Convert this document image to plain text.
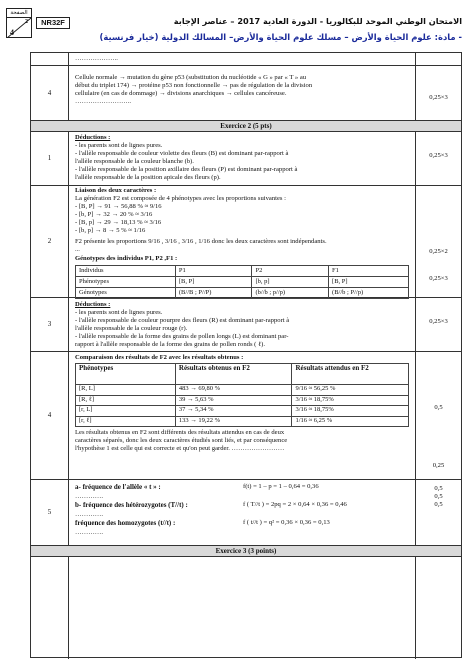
الصفحة
2
4
NR32F	الامتحان الوطني الموحد للبكالوريا - الدورة العادية 2017 – عناصر الإجابة
- مادة: علوم الحياة والأرض – مسلك علوم الحياة والأرض– المسالك الدولية (خيار فرنسية)

………………..

4

Cellule normale → mutation du gène p53 (substitution du nucléotide « G » par « T » au

début du triplet 174) → protéine p53 non fonctionnelle → pas de régulation de la division

cellulaire (en cas de dommage) → divisions anarchiques → cellules cancéreuse.

……………………..

0,25×3
Exercice 2 (5 pts)
1

Déductions :

- les parents sont de lignes pures.

- l'allèle responsable de couleur violette des fleurs (B) est dominant par-rapport à

l'allèle responsable de la couleur blanche (b).

- l'allèle responsable de la position axillaire des fleurs (P) est dominant par-rapport à

l'allèle responsable de la position apicale des fleurs (p).

0,25×3
2

Liaison des deux caractères :

La génération F2 est composée de 4 phénotypes avec les proportions suivantes :

- [B, P] → 91 → 56,88 % ≈ 9/16

- [b, P] → 32 → 20 % ≈ 3/16

- [B, p] → 29 → 18,13 % ≈ 3/16

- [b, p] → 8 → 5 % ≈ 1/16

F2 présente les proportions 9/16 , 3/16 , 3/16 , 1/16 donc les deux caractères sont indépendants.

...

Génotypes des individus P1, P2 ,F1 :

Individus	P1	P2	F1
Phénotypes	[B, P]	[b, p]	[B, P]
Génotypes	(B//B ; P//P)	(b//b ; p//p)	(B//b ; P//p)
0,25×2
0,25×3
3

Déductions :

- les parents sont de lignes pures.

- l'allèle responsable de couleur pourpre des fleurs (R) est dominant par-rapport à

l'allèle responsable de la couleur rouge (r).

- l'allèle responsable de la forme des grains de pollen longs (L) est dominant par-

rapport à l'allèle responsable de la forme des grains de pollen ronds ( ℓ).

0,25×3
4

Comparaison des résultats de F2 avec les résultats obtenus :

Phénotypes	Résultats obtenus en F2	Résultats attendus en F2
[R, L]	483 → 69,80 %	9/16 ≈ 56,25 %
[R, ℓ]	39 → 5,63 %	3/16 ≈ 18,75%
[r, L]	37 → 5,34 %	3/16 ≈ 18,75%
[r, ℓ]	133 → 19,22 %	1/16 ≈ 6,25 %

Les résultats obtenus en F2 sont différents des résultats attendus en cas de deux

caractères séparés, donc les deux caractères étudiés sont liés, et par conséquence

l'hypothèse 1 est celle qui est correcte et qu'on peut garder. ……………………

0,5
0,25
5
a- fréquence de l'allèle « t » :	f(t) = 1 – p = 1 – 0,64 = 0,36

………….

b- fréquence des hétérozygotes (T//t) :	f ( T//t ) = 2pq = 2 × 0,64 × 0,36 = 0,46

………….

fréquence des homozygotes (t//t) :	f ( t//t ) = q² = 0,36 × 0,36 = 0,13

………….

0,5
0,5
0,5
Exercice 3 (3 points)
